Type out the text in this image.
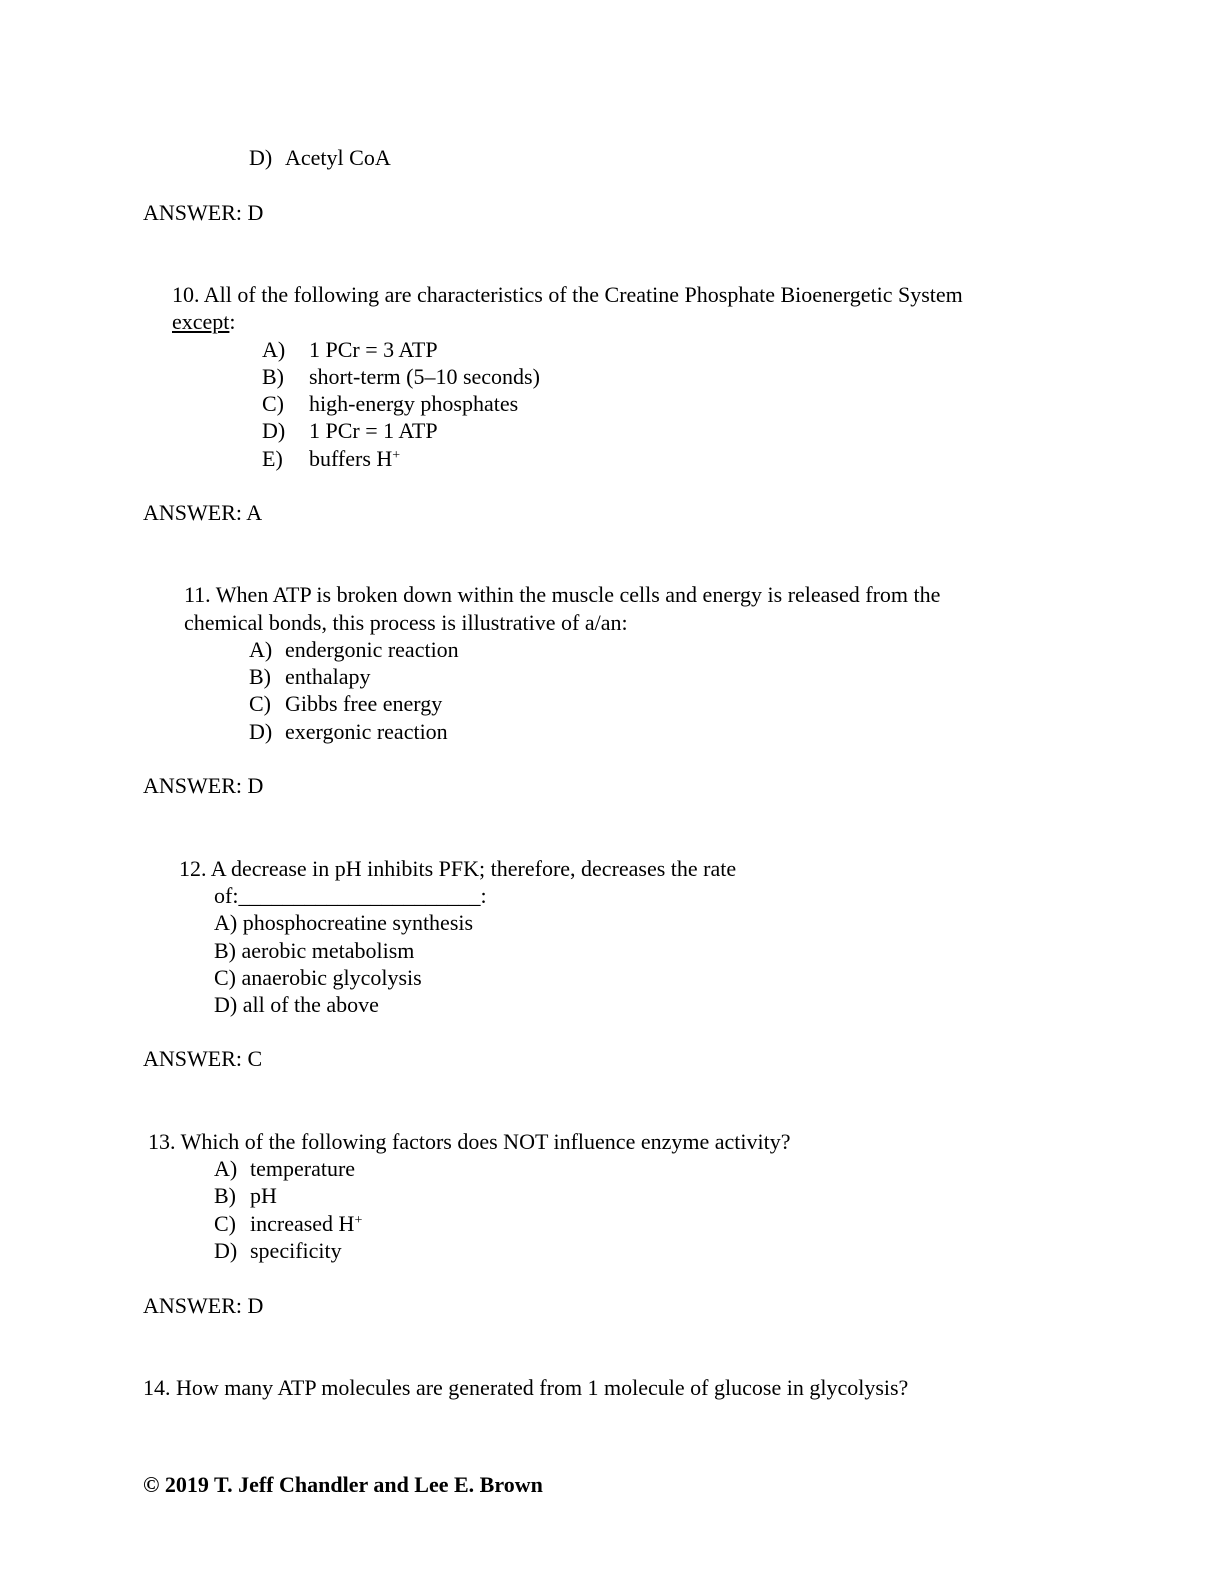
D) Acetyl CoA
ANSWER: D
10. All of the following are characteristics of the Creatine Phosphate Bioenergetic System
except:
A) 1 PCr = 3 ATP
B) short-term (5–10 seconds)
C) high-energy phosphates
D) 1 PCr = 1 ATP
E) buffers H+
ANSWER: A
11. When ATP is broken down within the muscle cells and energy is released from the
chemical bonds, this process is illustrative of a/an:
A) endergonic reaction
B) enthalapy
C) Gibbs free energy
D) exergonic reaction
ANSWER: D
12. A decrease in pH inhibits PFK; therefore, decreases the rate
of:______________________:
A) phosphocreatine synthesis
B) aerobic metabolism
C) anaerobic glycolysis
D) all of the above
ANSWER: C
13. Which of the following factors does NOT influence enzyme activity?
A) temperature
B) pH
C) increased H+
D) specificity
ANSWER: D
14. How many ATP molecules are generated from 1 molecule of glucose in glycolysis?
© 2019 T. Jeff Chandler and Lee E. Brown
